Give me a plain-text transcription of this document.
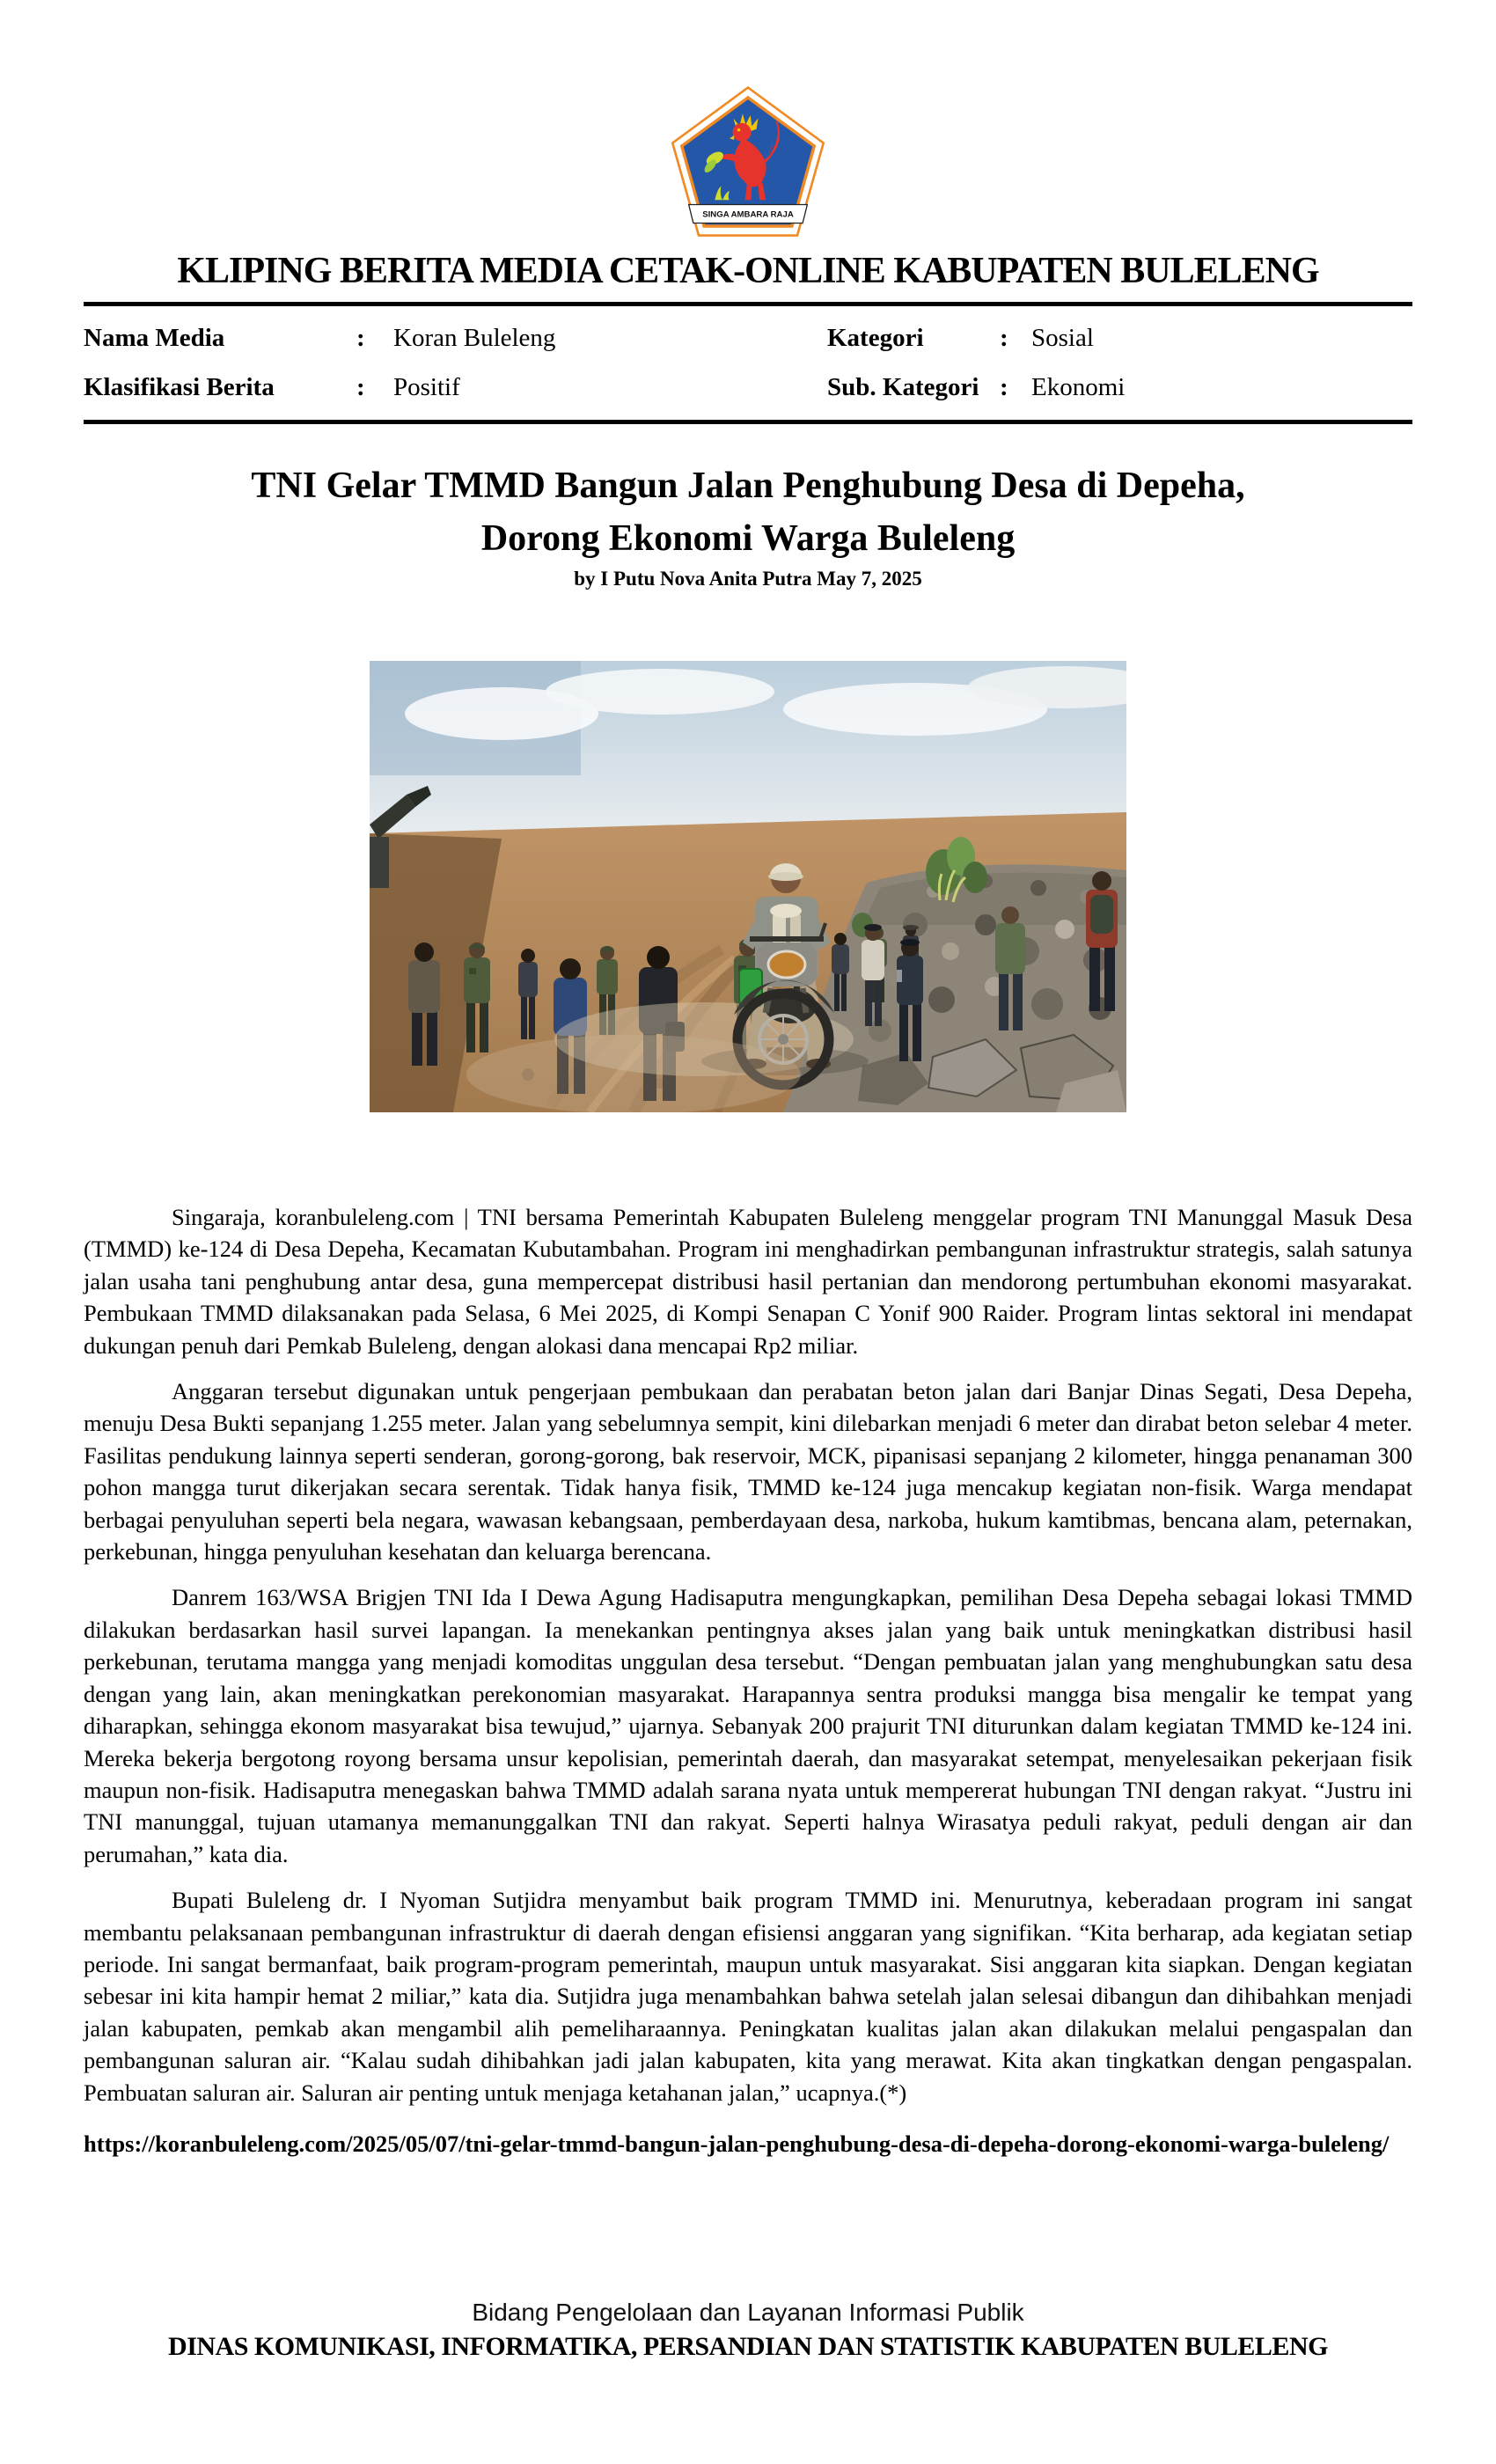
SINGA AMBARA RAJA
KLIPING BERITA MEDIA CETAK-ONLINE KABUPATEN BULELENG
Nama Media	:	Koran Buleleng	Kategori	: Sosial
Klasifikasi Berita	:	Positif	Sub. Kategori : Ekonomi
TNI Gelar TMMD Bangun Jalan Penghubung Desa di Depeha,
Dorong Ekonomi Warga Buleleng
by I Putu Nova Anita Putra May 7, 2025

Singaraja, koranbuleleng.com | TNI bersama Pemerintah Kabupaten Buleleng menggelar program TNI Manunggal Masuk Desa (TMMD) ke-124 di Desa Depeha, Kecamatan Kubutambahan. Program ini menghadirkan pembangunan infrastruktur strategis, salah satunya jalan usaha tani penghubung antar desa, guna mempercepat distribusi hasil pertanian dan mendorong pertumbuhan ekonomi masyarakat. Pembukaan TMMD dilaksanakan pada Selasa, 6 Mei 2025, di Kompi Senapan C Yonif 900 Raider. Program lintas sektoral ini mendapat dukungan penuh dari Pemkab Buleleng, dengan alokasi dana mencapai Rp2 miliar.

Anggaran tersebut digunakan untuk pengerjaan pembukaan dan perabatan beton jalan dari Banjar Dinas Segati, Desa Depeha, menuju Desa Bukti sepanjang 1.255 meter. Jalan yang sebelumnya sempit, kini dilebarkan menjadi 6 meter dan dirabat beton selebar 4 meter. Fasilitas pendukung lainnya seperti senderan, gorong-gorong, bak reservoir, MCK, pipanisasi sepanjang 2 kilometer, hingga penanaman 300 pohon mangga turut dikerjakan secara serentak. Tidak hanya fisik, TMMD ke-124 juga mencakup kegiatan non-fisik. Warga mendapat berbagai penyuluhan seperti bela negara, wawasan kebangsaan, pemberdayaan desa, narkoba, hukum kamtibmas, bencana alam, peternakan, perkebunan, hingga penyuluhan kesehatan dan keluarga berencana.

Danrem 163/WSA Brigjen TNI Ida I Dewa Agung Hadisaputra mengungkapkan, pemilihan Desa Depeha sebagai lokasi TMMD dilakukan berdasarkan hasil survei lapangan. Ia menekankan pentingnya akses jalan yang baik untuk meningkatkan distribusi hasil perkebunan, terutama mangga yang menjadi komoditas unggulan desa tersebut. “Dengan pembuatan jalan yang menghubungkan satu desa dengan yang lain, akan meningkatkan perekonomian masyarakat. Harapannya sentra produksi mangga bisa mengalir ke tempat yang diharapkan, sehingga ekonom masyarakat bisa tewujud,” ujarnya. Sebanyak 200 prajurit TNI diturunkan dalam kegiatan TMMD ke-124 ini. Mereka bekerja bergotong royong bersama unsur kepolisian, pemerintah daerah, dan masyarakat setempat, menyelesaikan pekerjaan fisik maupun non-fisik. Hadisaputra menegaskan bahwa TMMD adalah sarana nyata untuk mempererat hubungan TNI dengan rakyat. “Justru ini TNI manunggal, tujuan utamanya memanunggalkan TNI dan rakyat. Seperti halnya Wirasatya peduli rakyat, peduli dengan air dan perumahan,” kata dia.

Bupati Buleleng dr. I Nyoman Sutjidra menyambut baik program TMMD ini. Menurutnya, keberadaan program ini sangat membantu pelaksanaan pembangunan infrastruktur di daerah dengan efisiensi anggaran yang signifikan. “Kita berharap, ada kegiatan setiap periode. Ini sangat bermanfaat, baik program-program pemerintah, maupun untuk masyarakat. Sisi anggaran kita siapkan. Dengan kegiatan sebesar ini kita hampir hemat 2 miliar,” kata dia. Sutjidra juga menambahkan bahwa setelah jalan selesai dibangun dan dihibahkan menjadi jalan kabupaten, pemkab akan mengambil alih pemeliharaannya. Peningkatan kualitas jalan akan dilakukan melalui pengaspalan dan pembangunan saluran air. “Kalau sudah dihibahkan jadi jalan kabupaten, kita yang merawat. Kita akan tingkatkan dengan pengaspalan. Pembuatan saluran air. Saluran air penting untuk menjaga ketahanan jalan,” ucapnya.(*)

https://koranbuleleng.com/2025/05/07/tni-gelar-tmmd-bangun-jalan-penghubung-desa-di-depeha-dorong-ekonomi-warga-buleleng/
Bidang Pengelolaan dan Layanan Informasi Publik
DINAS KOMUNIKASI, INFORMATIKA, PERSANDIAN DAN STATISTIK KABUPATEN BULELENG
